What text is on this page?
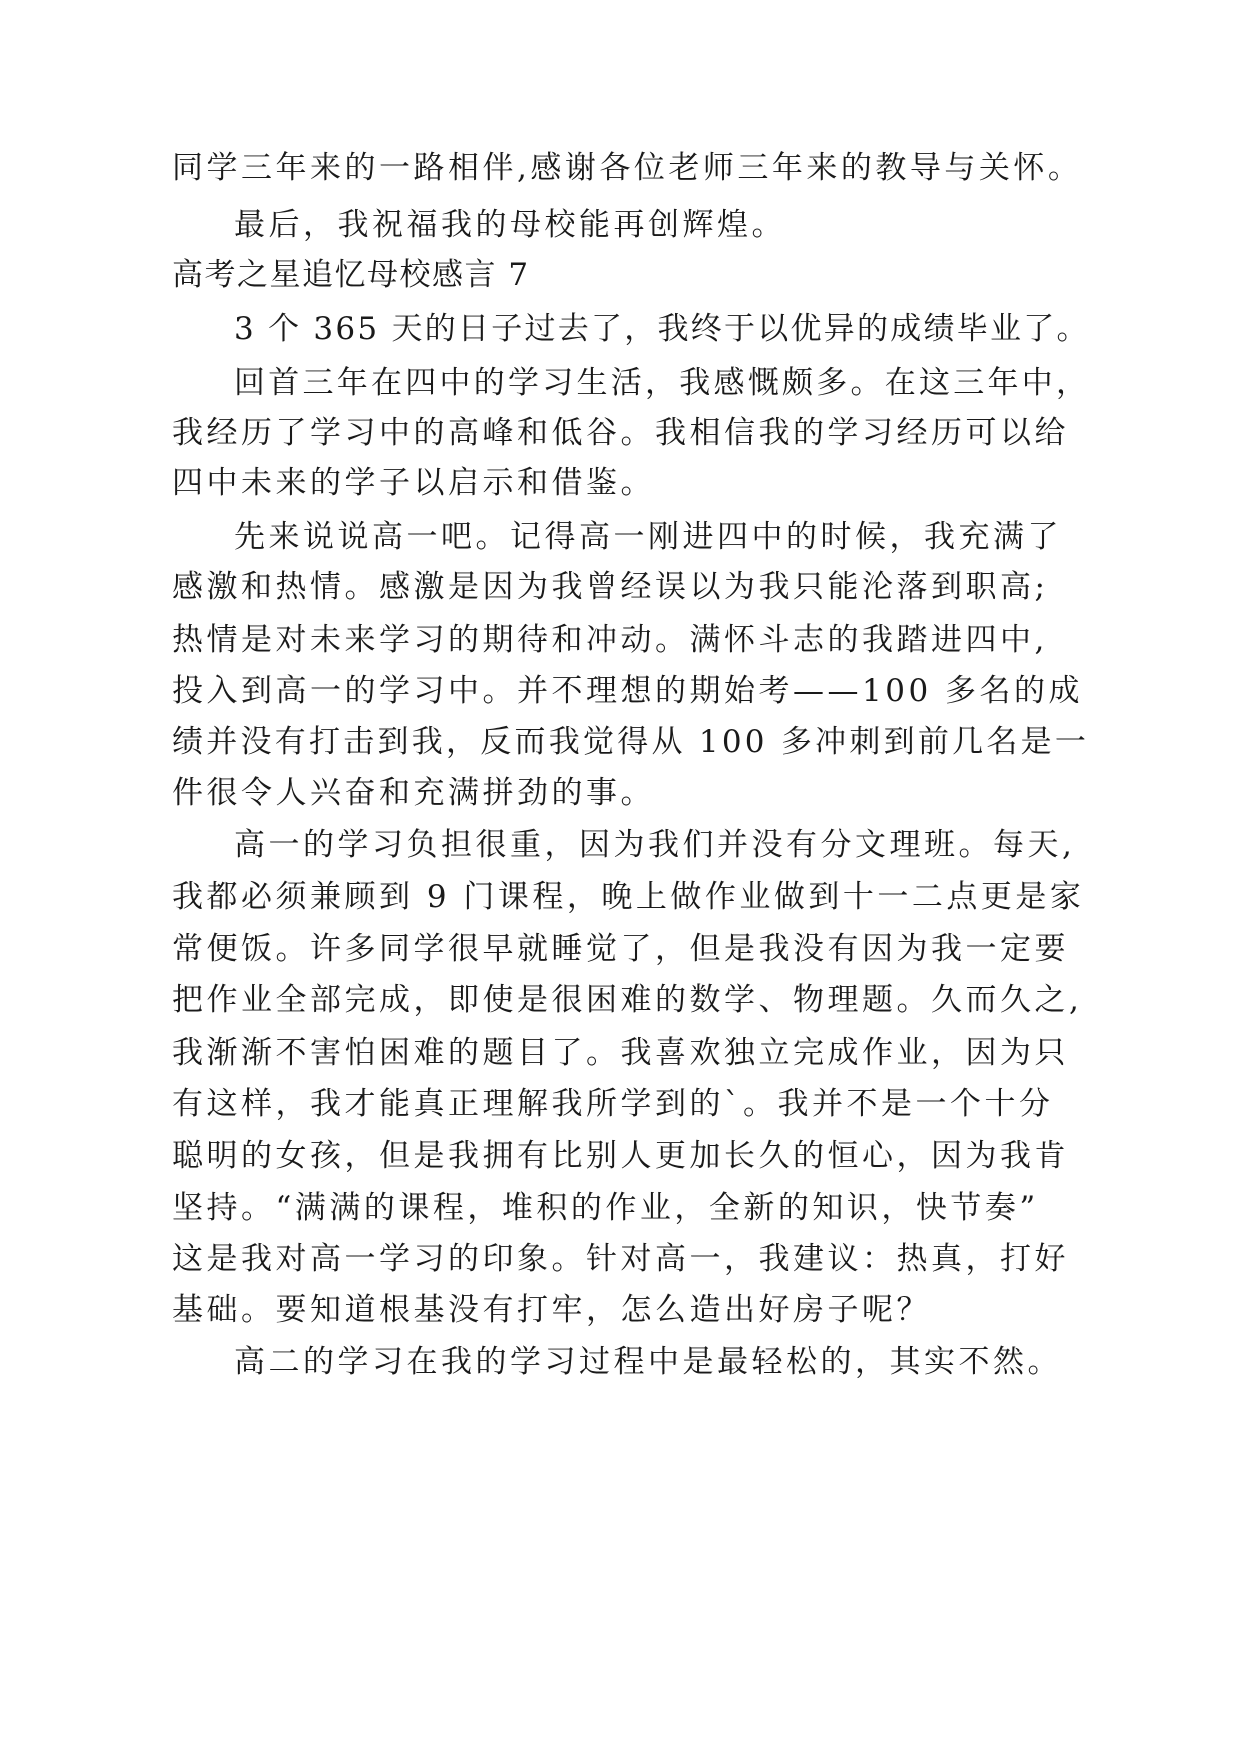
同学三年来的一路相伴,感谢各位老师三年来的教导与关怀。
最后，我祝福我的母校能再创辉煌。
高考之星追忆母校感言 7
3 个 365 天的日子过去了，我终于以优异的成绩毕业了。
回首三年在四中的学习生活，我感慨颇多。在这三年中，
我经历了学习中的高峰和低谷。我相信我的学习经历可以给
四中未来的学子以启示和借鉴。
先来说说高一吧。记得高一刚进四中的时候，我充满了
感激和热情。感激是因为我曾经误以为我只能沦落到职高;
热情是对未来学习的期待和冲动。满怀斗志的我踏进四中,
投入到高一的学习中。并不理想的期始考——100 多名的成
绩并没有打击到我，反而我觉得从 100 多冲刺到前几名是一
件很令人兴奋和充满拼劲的事。
高一的学习负担很重，因为我们并没有分文理班。每天,
我都必须兼顾到 9 门课程，晚上做作业做到十一二点更是家
常便饭。许多同学很早就睡觉了，但是我没有因为我一定要
把作业全部完成，即使是很困难的数学、物理题。久而久之,
我渐渐不害怕困难的题目了。我喜欢独立完成作业，因为只
有这样，我才能真正理解我所学到的`。我并不是一个十分
聪明的女孩，但是我拥有比别人更加长久的恒心，因为我肯
坚持。“满满的课程，堆积的作业，全新的知识，快节奏”
这是我对高一学习的印象。针对高一，我建议：热真，打好
基础。要知道根基没有打牢，怎么造出好房子呢？
高二的学习在我的学习过程中是最轻松的，其实不然。
